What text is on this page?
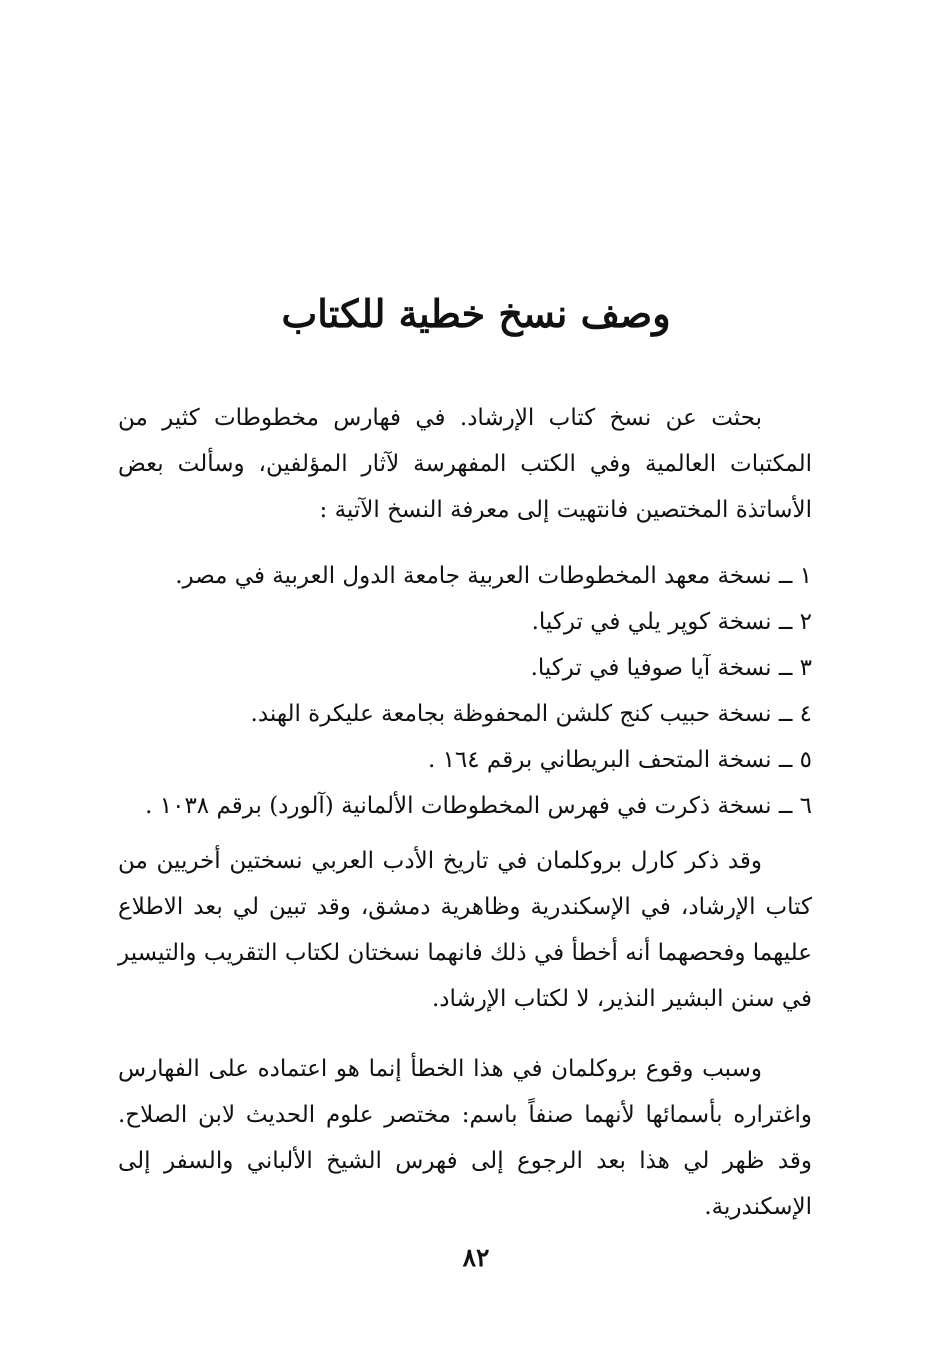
وصف نسخ خطية للكتاب

بحثت عن نسخ كتاب الإرشاد. في فهارس مخطوطات كثير من المكتبات العالمية وفي الكتب المفهرسة لآثار المؤلفين، وسألت بعض الأساتذة المختصين فانتهيت إلى معرفة النسخ الآتية :

١ ــ نسخة معهد المخطوطات العربية جامعة الدول العربية في مصر.
٢ ــ نسخة كوپر يلي في تركيا.
٣ ــ نسخة آيا صوفيا في تركيا.
٤ ــ نسخة حبيب كنج كلشن المحفوظة بجامعة عليكرة الهند.
٥ ــ نسخة المتحف البريطاني برقم ١٦٤ .
٦ ــ نسخة ذكرت في فهرس المخطوطات الألمانية (آلورد) برقم ١٠٣٨ .

وقد ذكر كارل بروكلمان في تاريخ الأدب العربي نسختين أخريين من كتاب الإرشاد، في الإسكندرية وظاهرية دمشق، وقد تبين لي بعد الاطلاع عليهما وفحصهما أنه أخطأ في ذلك فانهما نسختان لكتاب التقريب والتيسير في سنن البشير النذير، لا لكتاب الإرشاد.

وسبب وقوع بروكلمان في هذا الخطأ إنما هو اعتماده على الفهارس واغتراره بأسمائها لأنهما صنفاً باسم: مختصر علوم الحديث لابن الصلاح. وقد ظهر لي هذا بعد الرجوع إلى فهرس الشيخ الألباني والسفر إلى الإسكندرية.

٨٢
